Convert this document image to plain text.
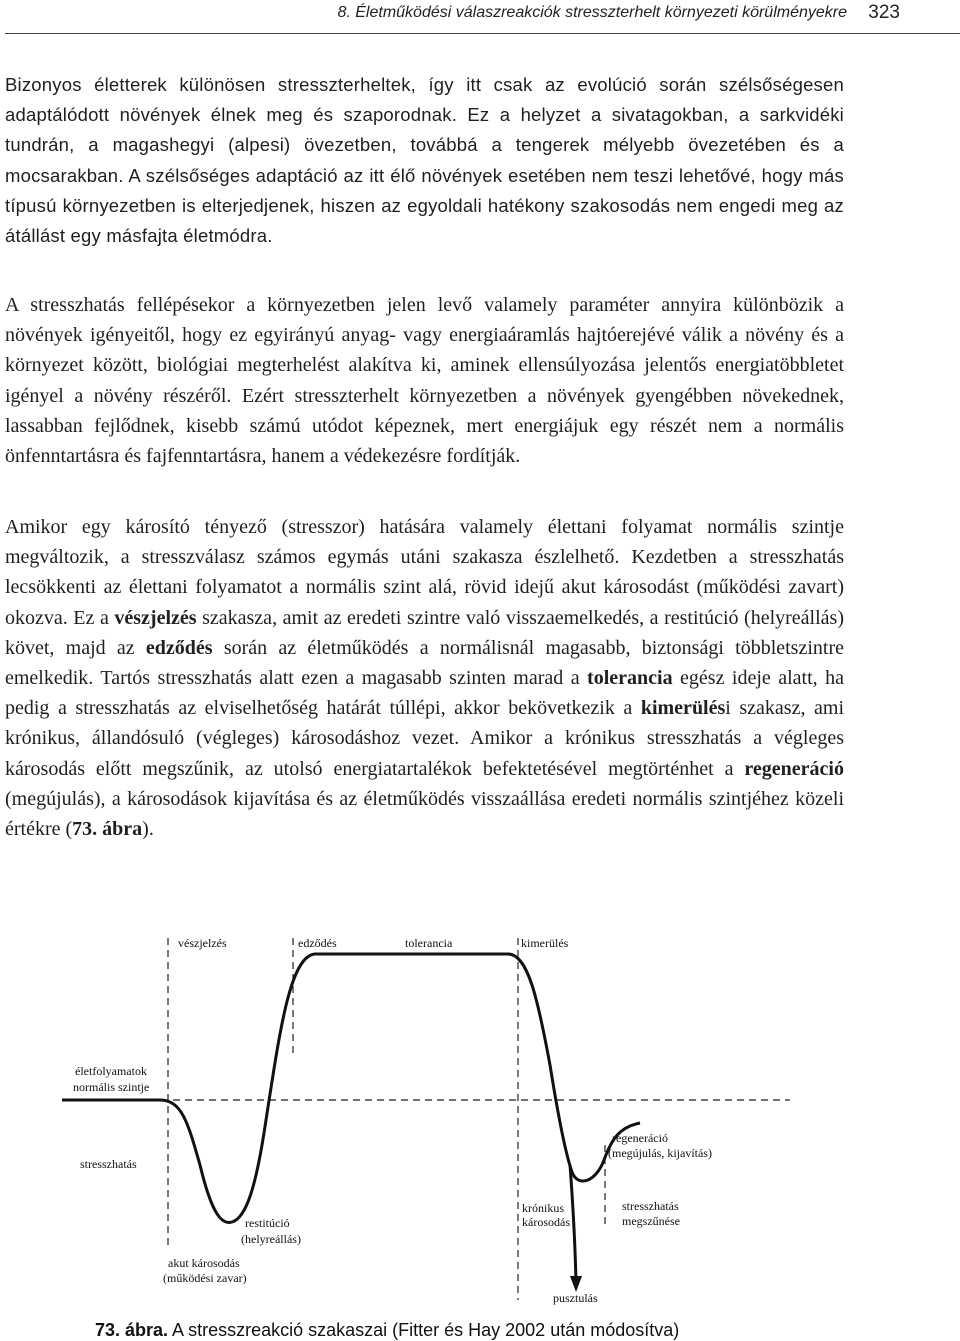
8. Életműködési válaszreakciók stresszterhelt környezeti körülményekre 323
Bizonyos életterek különösen stresszterheltek, így itt csak az evolúció során szélsőségesen adaptálódott növények élnek meg és szaporodnak. Ez a helyzet a sivatagokban, a sarkvidéki tundrán, a magashegyi (alpesi) övezetben, továbbá a tengerek mélyebb övezetében és a mocsarakban. A szélsőséges adaptáció az itt élő növények esetében nem teszi lehetővé, hogy más típusú környezetben is elterjedjenek, hiszen az egyoldali hatékony szakosodás nem engedi meg az átállást egy másfajta életmódra.
A stresszhatás fellépésekor a környezetben jelen levő valamely paraméter annyira különbözik a növények igényeitől, hogy ez egyirányú anyag- vagy energiaáramlás hajtóerejévé válik a növény és a környezet között, biológiai megterhelést alakítva ki, aminek ellensúlyozása jelentős energiatöbbletet igényel a növény részéről. Ezért stresszterhelt környezetben a növények gyengébben növekednek, lassabban fejlődnek, kisebb számú utódot képeznek, mert energiájuk egy részét nem a normális önfenntartásra és fajfenntartásra, hanem a védekezésre fordítják.
Amikor egy károsító tényező (stresszor) hatására valamely élettani folyamat normális szintje megváltozik, a stresszválasz számos egymás utáni szakasza észlelhető. Kezdetben a stresszhatás lecsökkenti az élettani folyamatot a normális szint alá, rövid idejű akut károsodást (működési zavart) okozva. Ez a vészjelzés szakasza, amit az eredeti szintre való visszaemelkedés, a restitúció (helyreállás) követ, majd az edződés során az életműködés a normálisnál magasabb, biztonsági többletszintre emelkedik. Tartós stresszhatás alatt ezen a magasabb szinten marad a tolerancia egész ideje alatt, ha pedig a stresszhatás az elviselhetőség határát túllépi, akkor bekövetkezik a kimerülési szakasz, ami krónikus, állandósuló (végleges) károsodáshoz vezet. Amikor a krónikus stresszhatás a végleges károsodás előtt megszűnik, az utolsó energiatartalékok befektetésével megtörténhet a regeneráció (megújulás), a károsodások kijavítása és az életműködés visszaállása eredeti normális szintjéhez közeli értékre (73. ábra).
vészjelzés	edződés	tolerancia	kimerülés
életfolyamatok
normális szintje
stresszhatás
restitúció
(helyreállás)
akut károsodás
(működési zavar)
regeneráció
(megújulás, kijavítás)
krónikus
károsodás
stresszhatás
megszűnése
pusztulás
73. ábra. A stresszreakció szakaszai (Fitter és Hay 2002 után módosítva)
